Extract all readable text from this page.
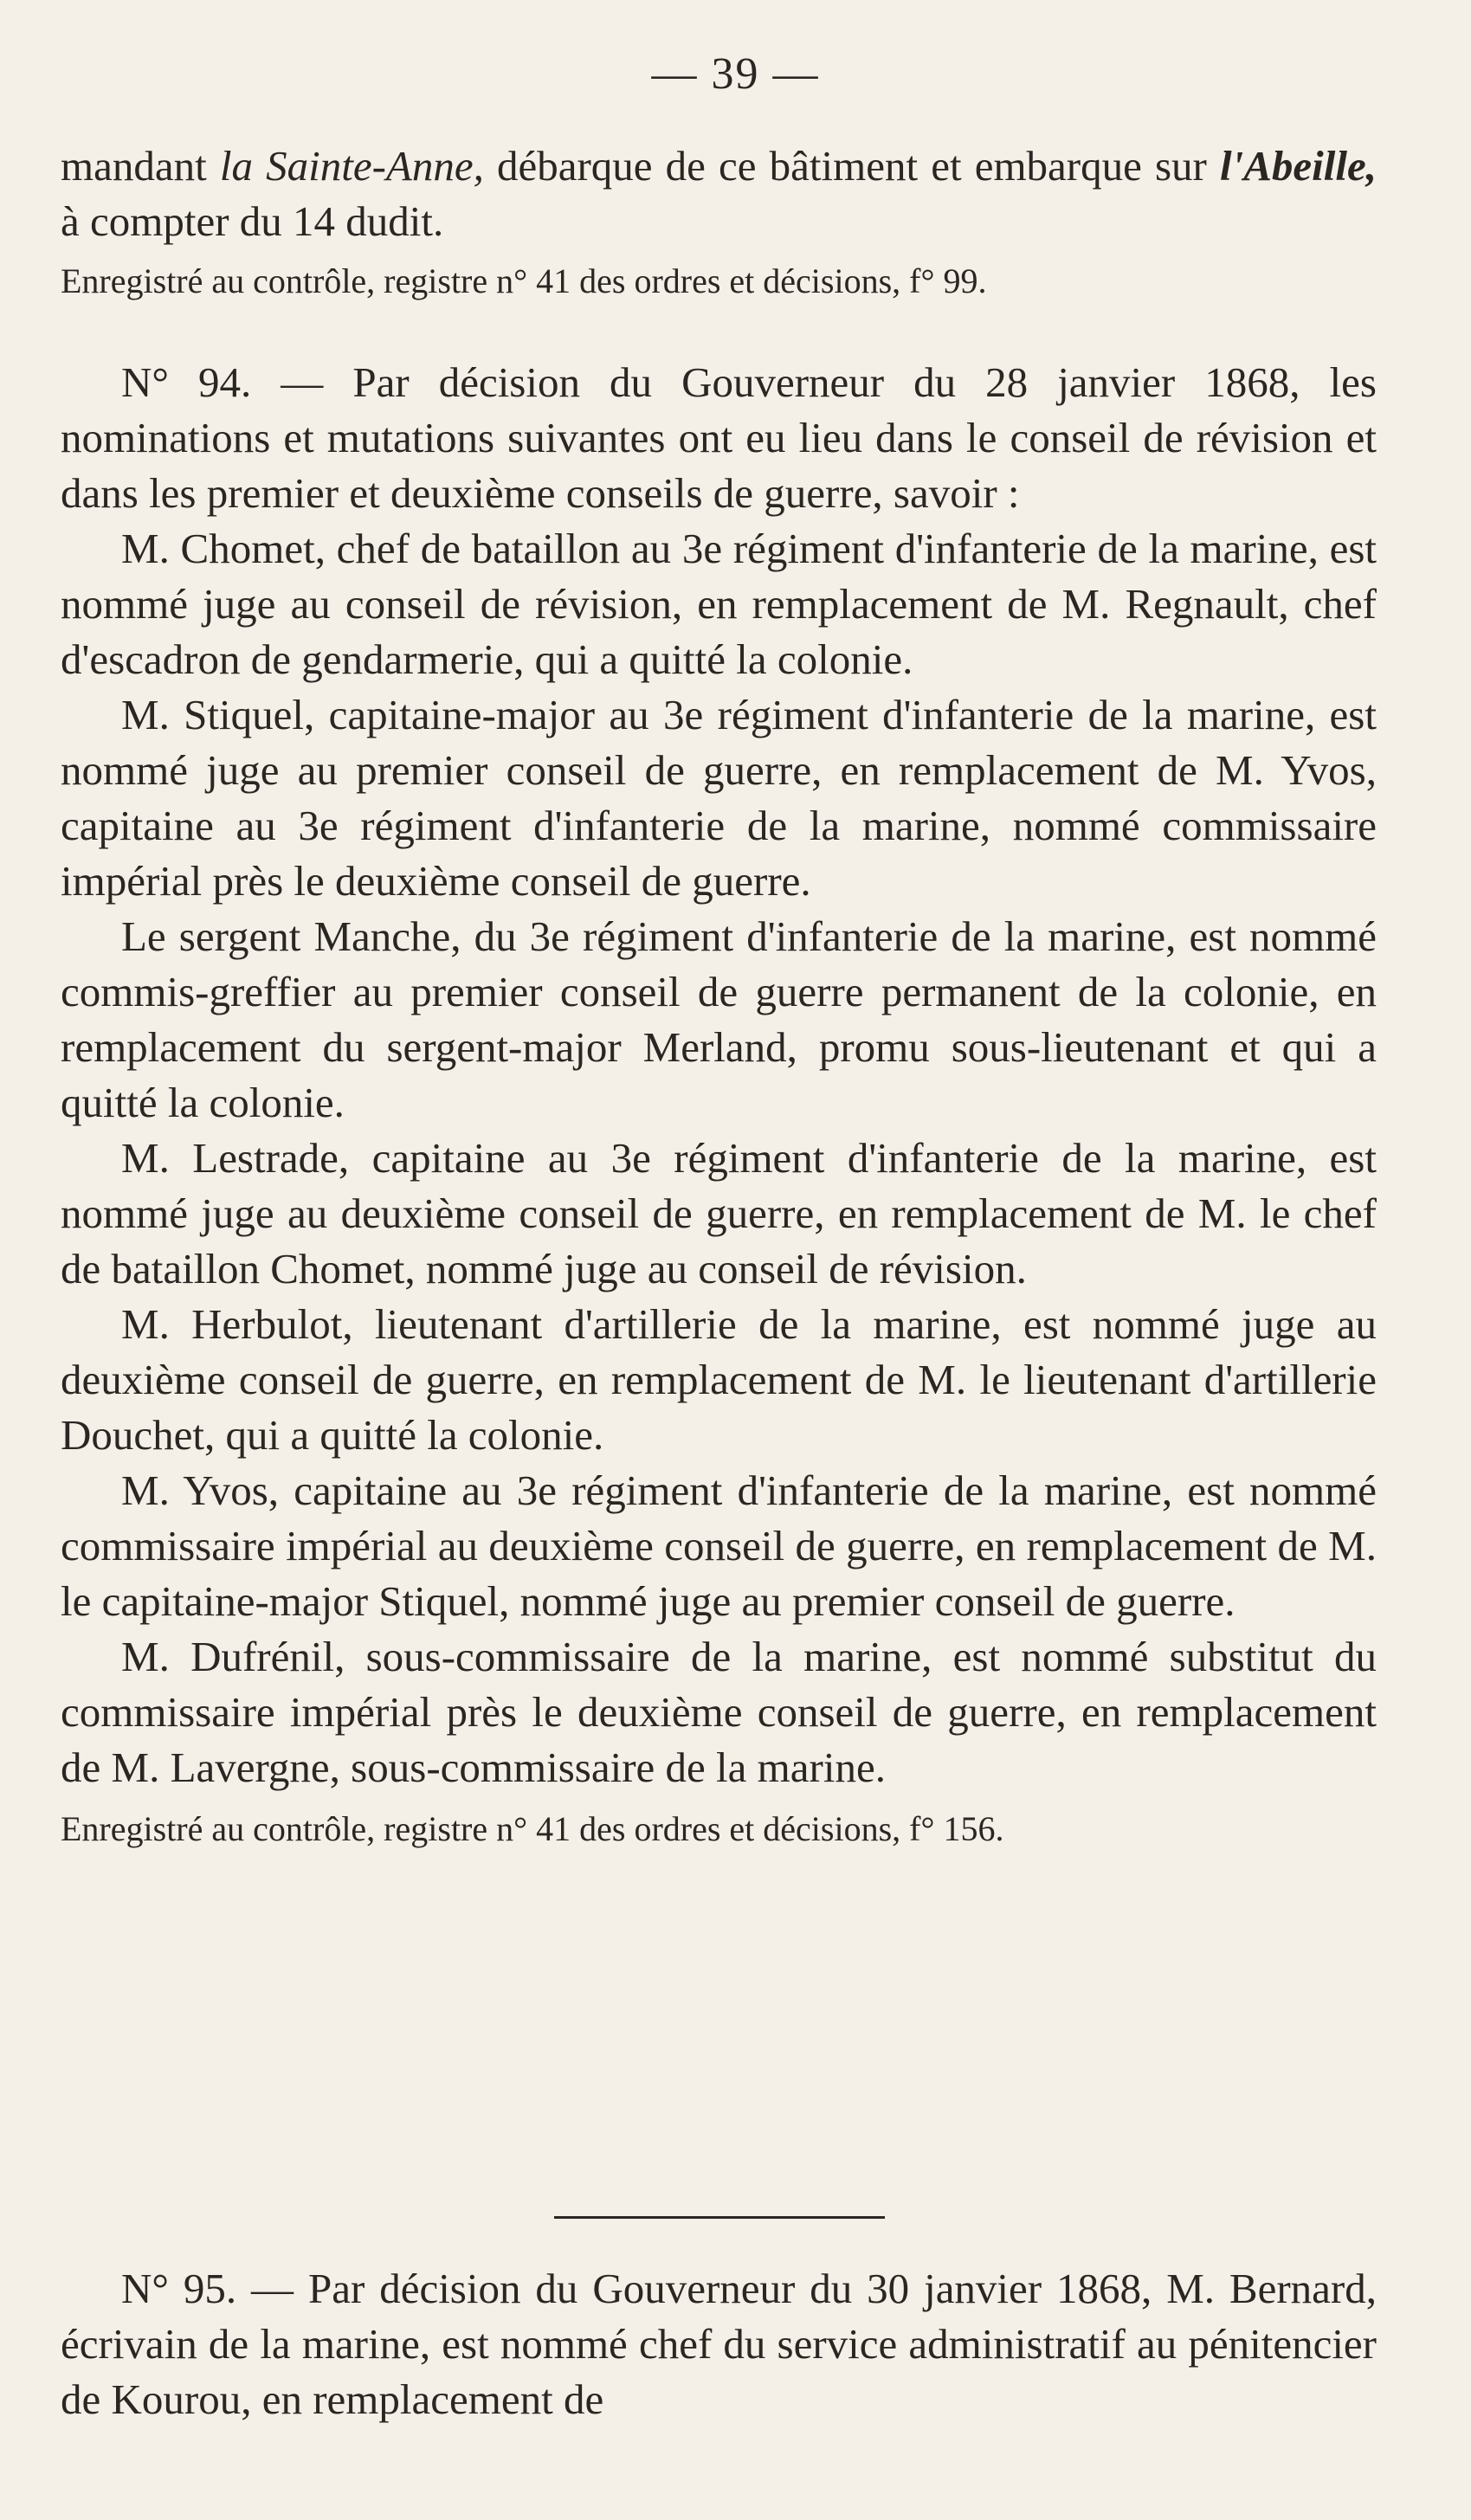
— 39 —

mandant la Sainte-Anne, débarque de ce bâtiment et embarque sur l'Abeille, à compter du 14 dudit.

Enregistré au contrôle, registre n° 41 des ordres et décisions, f° 99.

N° 94. — Par décision du Gouverneur du 28 janvier 1868, les nominations et mutations suivantes ont eu lieu dans le conseil de révision et dans les premier et deuxième conseils de guerre, savoir :

M. Chomet, chef de bataillon au 3e régiment d'infanterie de la marine, est nommé juge au conseil de révision, en remplacement de M. Regnault, chef d'escadron de gendarmerie, qui a quitté la colonie.

M. Stiquel, capitaine-major au 3e régiment d'infanterie de la marine, est nommé juge au premier conseil de guerre, en remplacement de M. Yvos, capitaine au 3e régiment d'infanterie de la marine, nommé commissaire impérial près le deuxième conseil de guerre.

Le sergent Manche, du 3e régiment d'infanterie de la marine, est nommé commis-greffier au premier conseil de guerre permanent de la colonie, en remplacement du sergent-major Merland, promu sous-lieutenant et qui a quitté la colonie.

M. Lestrade, capitaine au 3e régiment d'infanterie de la marine, est nommé juge au deuxième conseil de guerre, en remplacement de M. le chef de bataillon Chomet, nommé juge au conseil de révision.

M. Herbulot, lieutenant d'artillerie de la marine, est nommé juge au deuxième conseil de guerre, en remplacement de M. le lieutenant d'artillerie Douchet, qui a quitté la colonie.

M. Yvos, capitaine au 3e régiment d'infanterie de la marine, est nommé commissaire impérial au deuxième conseil de guerre, en remplacement de M. le capitaine-major Stiquel, nommé juge au premier conseil de guerre.

M. Dufrénil, sous-commissaire de la marine, est nommé substitut du commissaire impérial près le deuxième conseil de guerre, en remplacement de M. Lavergne, sous-commissaire de la marine.

Enregistré au contrôle, registre n° 41 des ordres et décisions, f° 156.

N° 95. — Par décision du Gouverneur du 30 janvier 1868, M. Bernard, écrivain de la marine, est nommé chef du service administratif au pénitencier de Kourou, en remplacement de
